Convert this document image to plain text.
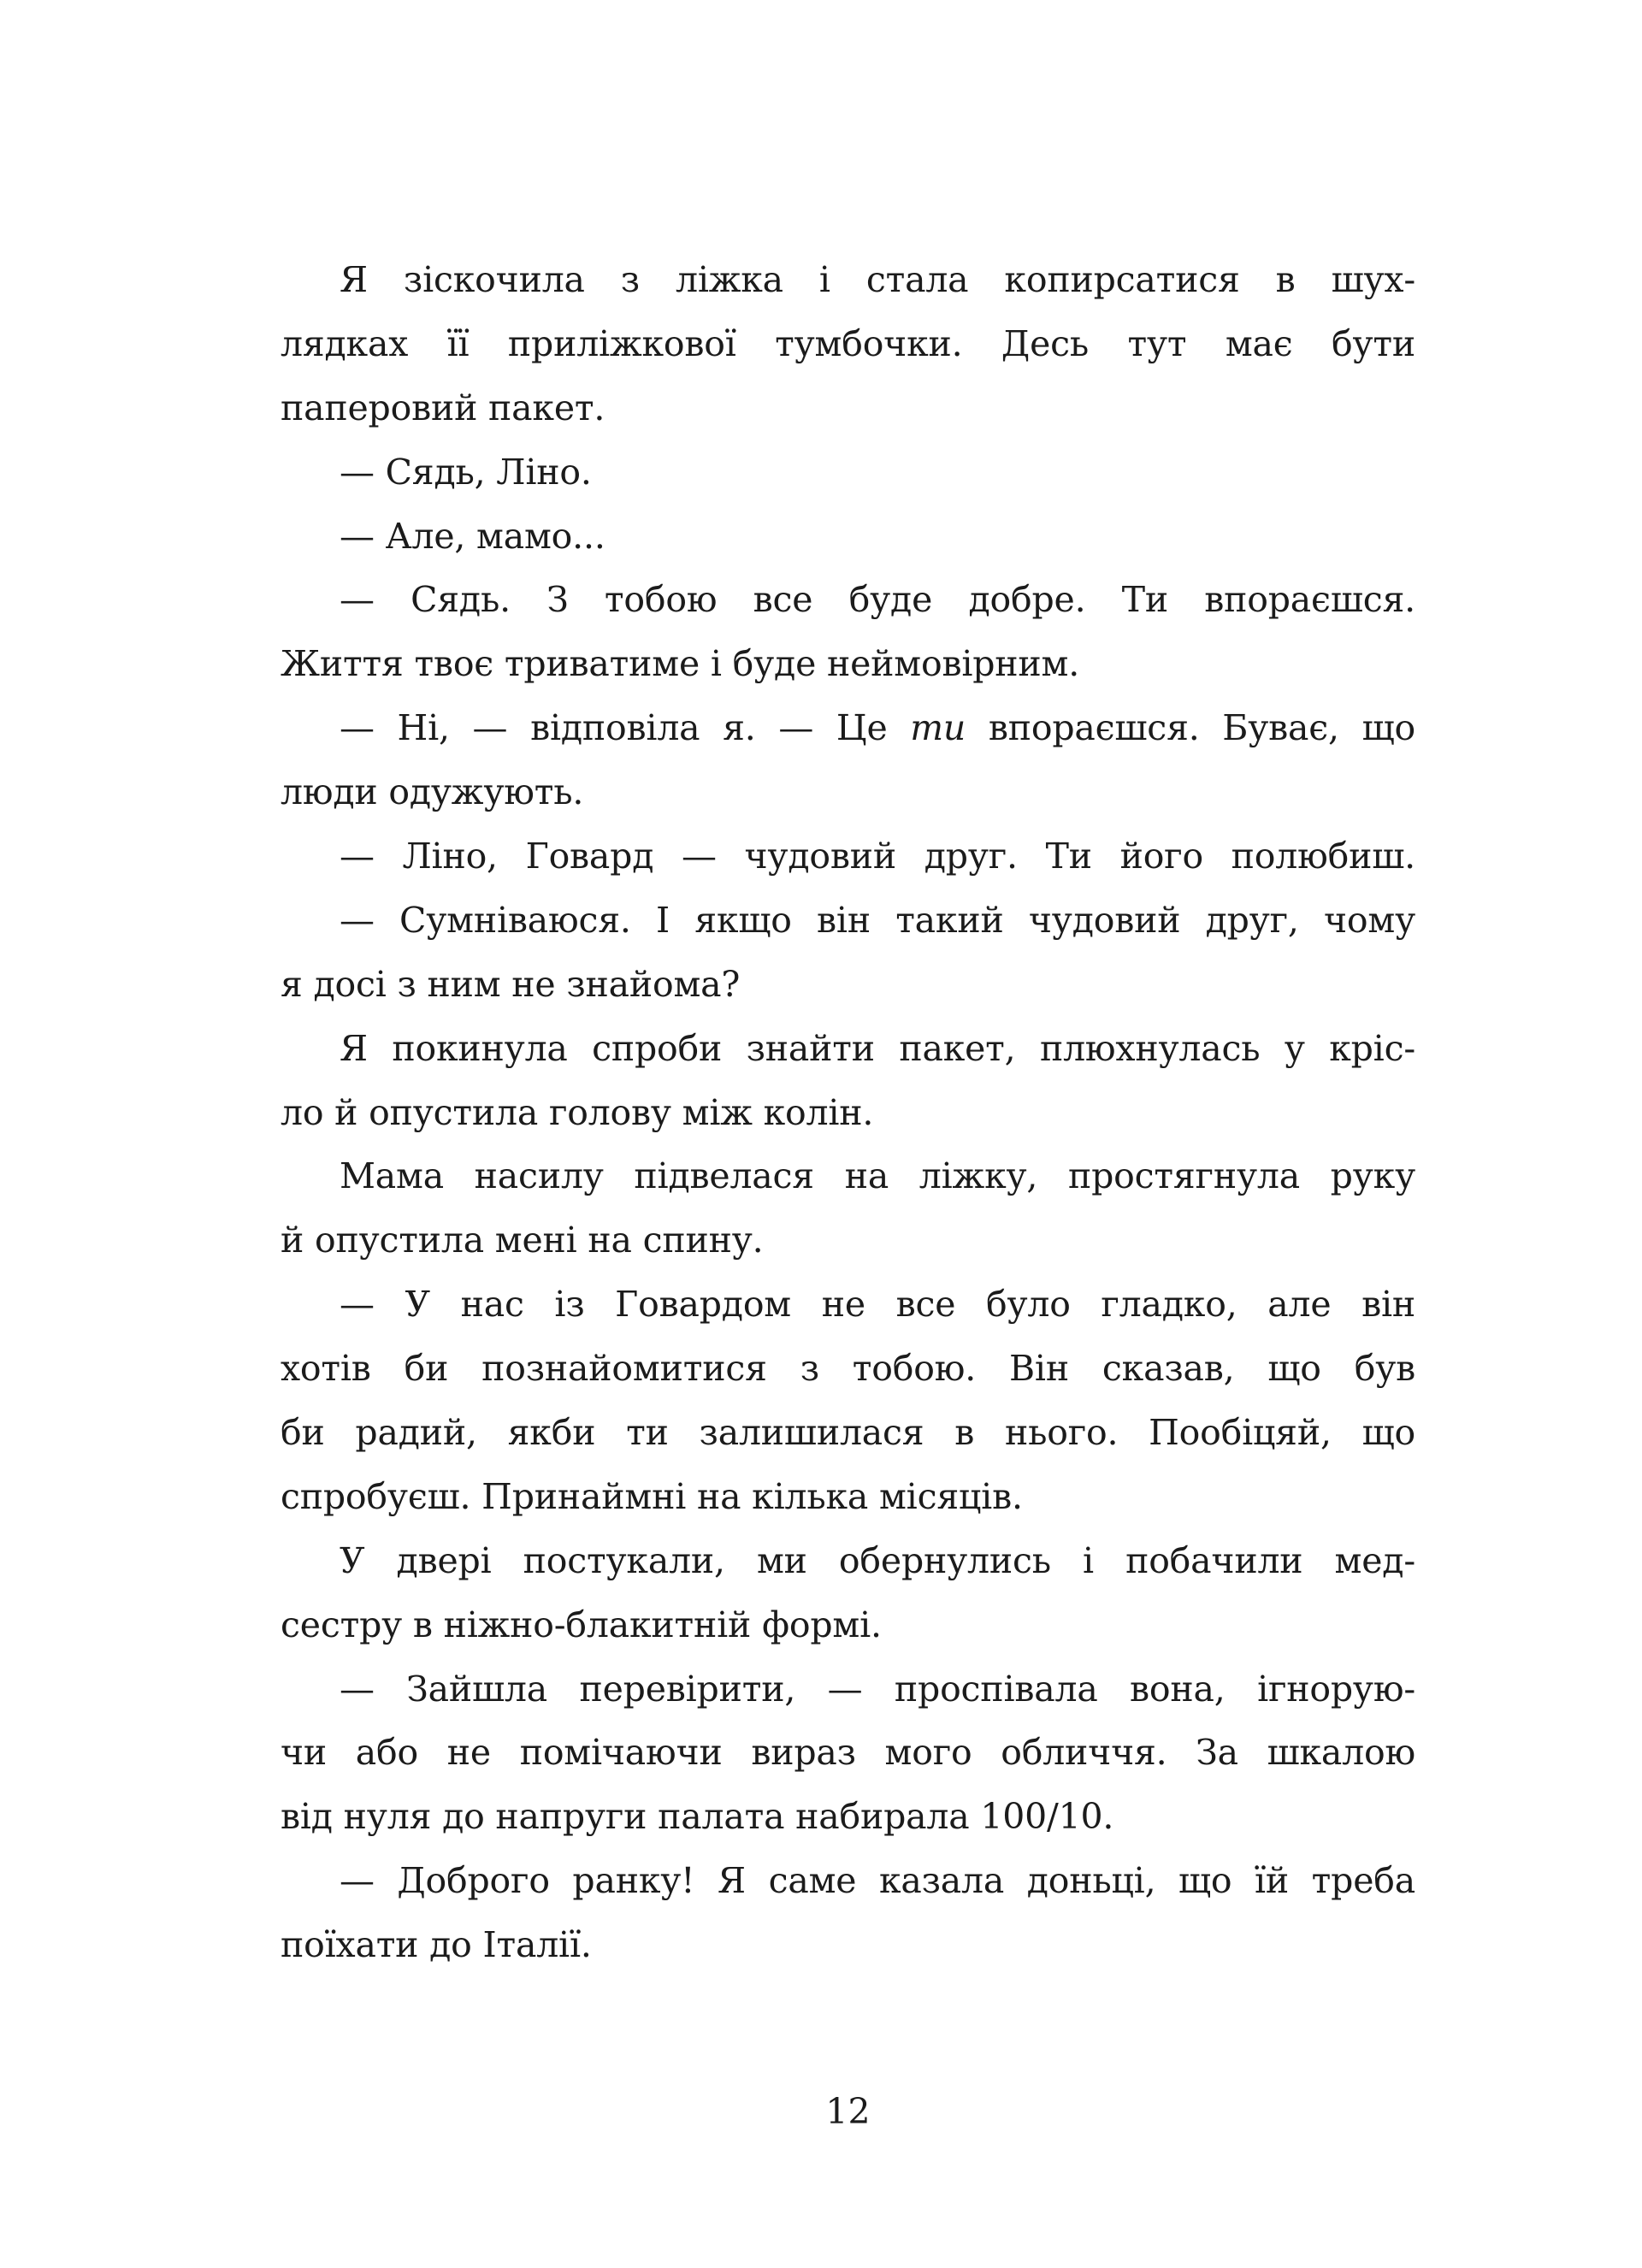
Я зіскочила з ліжка і стала копирсатися в шух-
лядках її приліжкової тумбочки. Десь тут має бути
паперовий пакет.
— Сядь, Ліно.
— Але, мамо...
— Сядь. З тобою все буде добре. Ти впораєшся.
Життя твоє триватиме і буде неймовірним.
— Ні, — відповіла я. — Це ти впораєшся. Буває, що
люди одужують.
— Ліно, Говард — чудовий друг. Ти його полюбиш.
— Сумніваюся. І якщо він такий чудовий друг, чому
я досі з ним не знайома?
Я покинула спроби знайти пакет, плюхнулась у кріс-
ло й опустила голову між колін.
Мама насилу підвелася на ліжку, простягнула руку
й опустила мені на спину.
— У нас із Говардом не все було гладко, але він
хотів би познайомитися з тобою. Він сказав, що був
би радий, якби ти залишилася в нього. Пообіцяй, що
спробуєш. Принаймні на кілька місяців.
У двері постукали, ми обернулись і побачили мед-
сестру в ніжно-блакитній формі.
— Зайшла перевірити, — проспівала вона, ігнорую-
чи або не помічаючи вираз мого обличчя. За шкалою
від нуля до напруги палата набирала 100/10.
— Доброго ранку! Я саме казала доньці, що їй треба
поїхати до Італії.
12
